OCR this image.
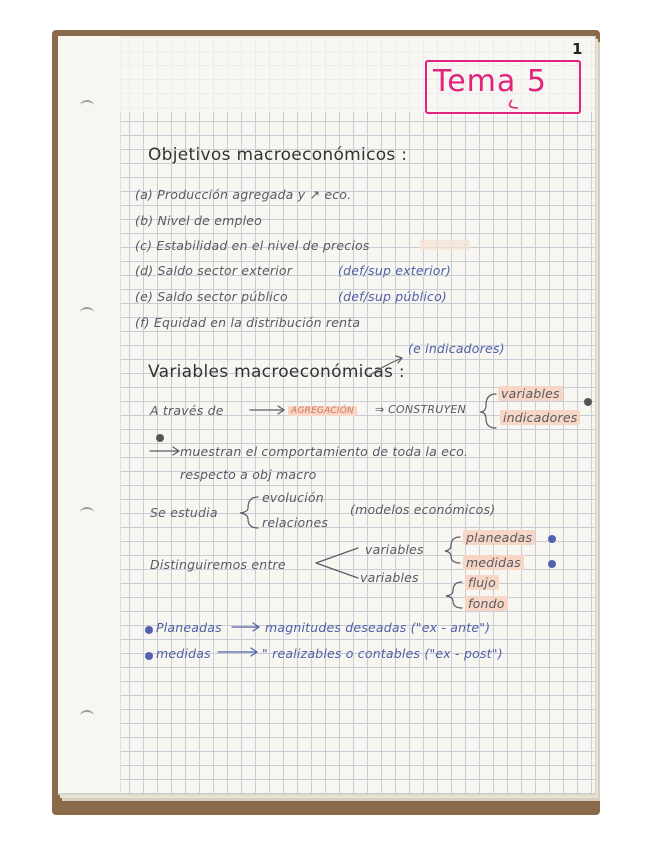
1
Tema 5
Objetivos macroeconómicos :
(a) Producción agregada y ↗ eco.
(b) Nivel de empleo
(c) Estabilidad en el nivel de precios
(d) Saldo sector exterior	(def/sup exterior)
(e) Saldo sector público	(def/sup público)
(f) Equidad en la distribución renta
Variables macroeconómicas :
(e indicadores)
A través de	AGREGACIÓN ⇒ CONSTRUYEN
variables
indicadores
muestran el comportamiento de toda la eco.
respecto a obj macro
Se estudia
evolución
relaciones
(modelos económicos)
Distinguiremos entre
variables
planeadas
medidas
variables	flujo
fondo
Planeadas	magnitudes deseadas ("ex - ante")
medidas	" realizables o contables ("ex - post")
